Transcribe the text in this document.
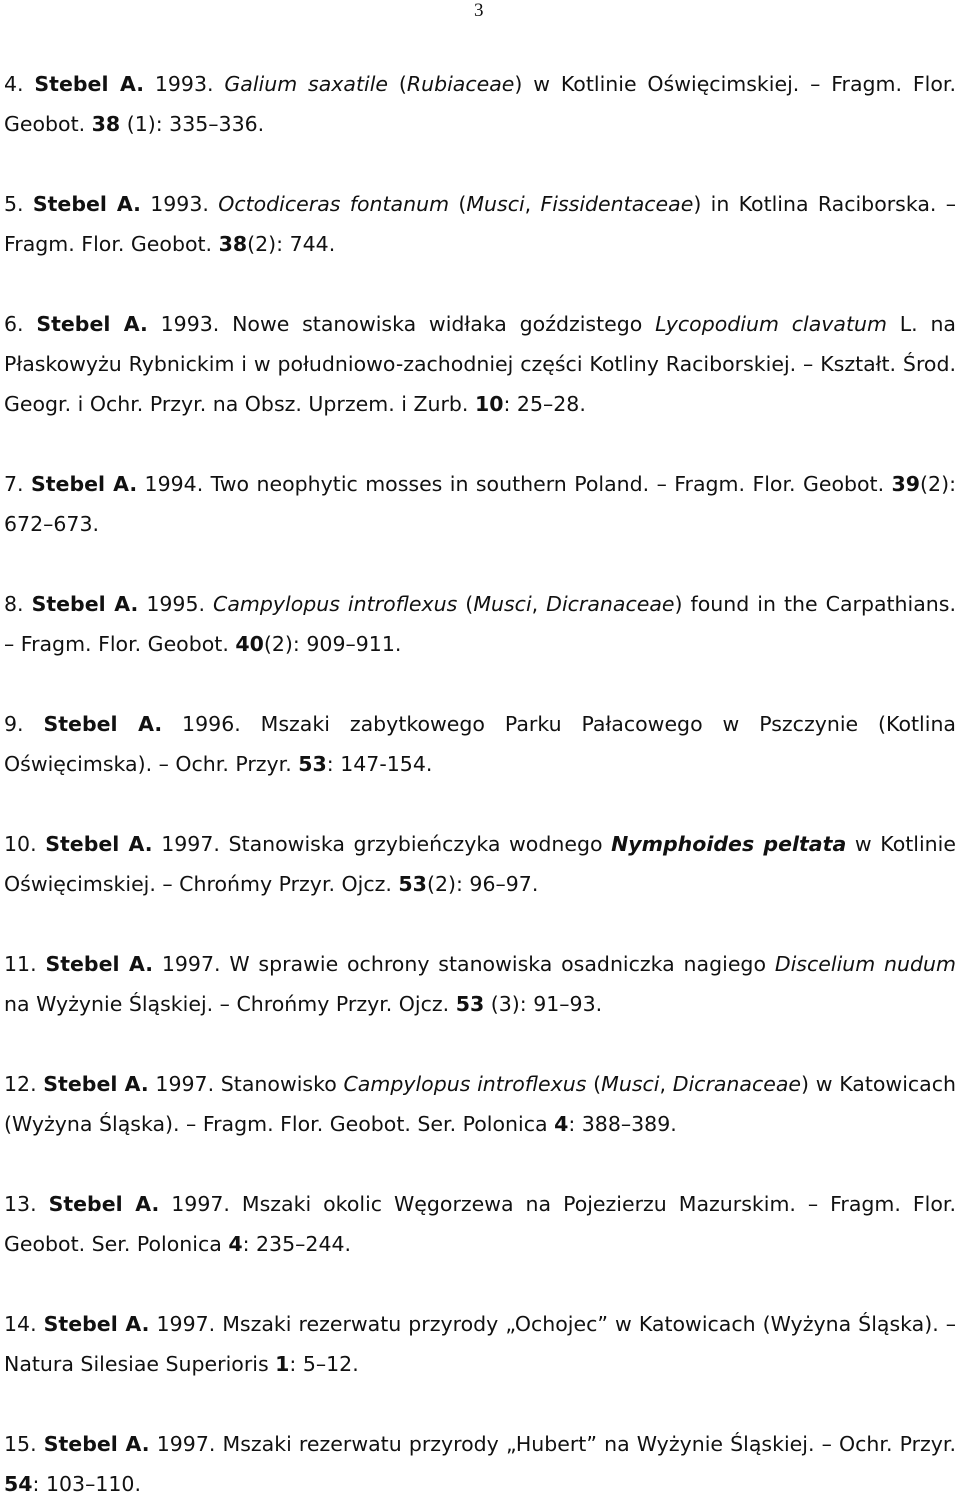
3

4. Stebel A. 1993. Galium saxatile (Rubiaceae) w Kotlinie Oświęcimskiej. – Fragm. Flor. Geobot. 38 (1): 335–336.

5. Stebel A. 1993. Octodiceras fontanum (Musci, Fissidentaceae) in Kotlina Raciborska. – Fragm. Flor. Geobot. 38(2): 744.

6. Stebel A. 1993. Nowe stanowiska widłaka goździstego Lycopodium clavatum L. na Płaskowyżu Rybnickim i w południowo-zachodniej części Kotliny Raciborskiej. – Kształt. Środ. Geogr. i Ochr. Przyr. na Obsz. Uprzem. i Zurb. 10: 25–28.

7. Stebel A. 1994. Two neophytic mosses in southern Poland. – Fragm. Flor. Geobot. 39(2): 672–673.

8. Stebel A. 1995. Campylopus introflexus (Musci, Dicranaceae) found in the Carpathians. – Fragm. Flor. Geobot. 40(2): 909–911.

9. Stebel A. 1996. Mszaki zabytkowego Parku Pałacowego w Pszczynie (Kotlina Oświęcimska). – Ochr. Przyr. 53: 147-154.

10. Stebel A. 1997. Stanowiska grzybieńczyka wodnego Nymphoides peltata w Kotlinie Oświęcimskiej. – Chrońmy Przyr. Ojcz. 53(2): 96–97.

11. Stebel A. 1997. W sprawie ochrony stanowiska osadniczka nagiego Discelium nudum na Wyżynie Śląskiej. – Chrońmy Przyr. Ojcz. 53 (3): 91–93.

12. Stebel A. 1997. Stanowisko Campylopus introflexus (Musci, Dicranaceae) w Katowicach (Wyżyna Śląska). – Fragm. Flor. Geobot. Ser. Polonica 4: 388–389.

13. Stebel A. 1997. Mszaki okolic Węgorzewa na Pojezierzu Mazurskim. – Fragm. Flor. Geobot. Ser. Polonica 4: 235–244.

14. Stebel A. 1997. Mszaki rezerwatu przyrody „Ochojec” w Katowicach (Wyżyna Śląska). – Natura Silesiae Superioris 1: 5–12.

15. Stebel A. 1997. Mszaki rezerwatu przyrody „Hubert” na Wyżynie Śląskiej. – Ochr. Przyr. 54: 103–110.
